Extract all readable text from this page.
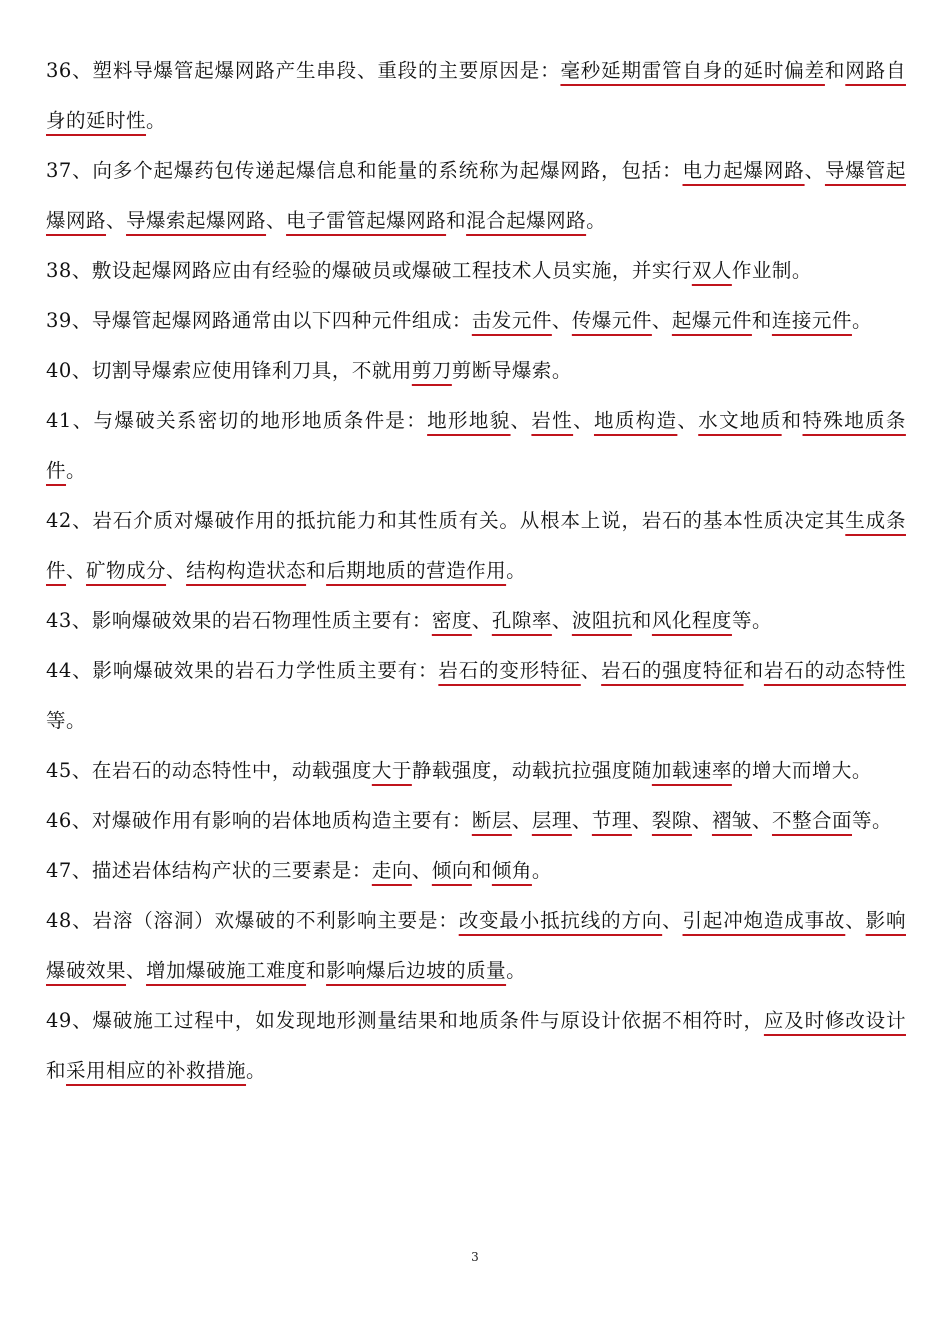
36、塑料导爆管起爆网路产生串段、重段的主要原因是：毫秒延期雷管自身的延时偏差和网路自身的延时性。

37、向多个起爆药包传递起爆信息和能量的系统称为起爆网路，包括：电力起爆网路、导爆管起爆网路、导爆索起爆网路、电子雷管起爆网路和混合起爆网路。

38、敷设起爆网路应由有经验的爆破员或爆破工程技术人员实施，并实行双人作业制。

39、导爆管起爆网路通常由以下四种元件组成：击发元件、传爆元件、起爆元件和连接元件。

40、切割导爆索应使用锋利刀具，不就用剪刀剪断导爆索。

41、与爆破关系密切的地形地质条件是：地形地貌、岩性、地质构造、水文地质和特殊地质条件。

42、岩石介质对爆破作用的抵抗能力和其性质有关。从根本上说，岩石的基本性质决定其生成条件、矿物成分、结构构造状态和后期地质的营造作用。

43、影响爆破效果的岩石物理性质主要有：密度、孔隙率、波阻抗和风化程度等。

44、影响爆破效果的岩石力学性质主要有：岩石的变形特征、岩石的强度特征和岩石的动态特性等。

45、在岩石的动态特性中，动载强度大于静载强度，动载抗拉强度随加载速率的增大而增大。

46、对爆破作用有影响的岩体地质构造主要有：断层、层理、节理、裂隙、褶皱、不整合面等。

47、描述岩体结构产状的三要素是：走向、倾向和倾角。

48、岩溶（溶洞）欢爆破的不利影响主要是：改变最小抵抗线的方向、引起冲炮造成事故、影响爆破效果、增加爆破施工难度和影响爆后边坡的质量。

49、爆破施工过程中，如发现地形测量结果和地质条件与原设计依据不相符时，应及时修改设计和采用相应的补救措施。

3
